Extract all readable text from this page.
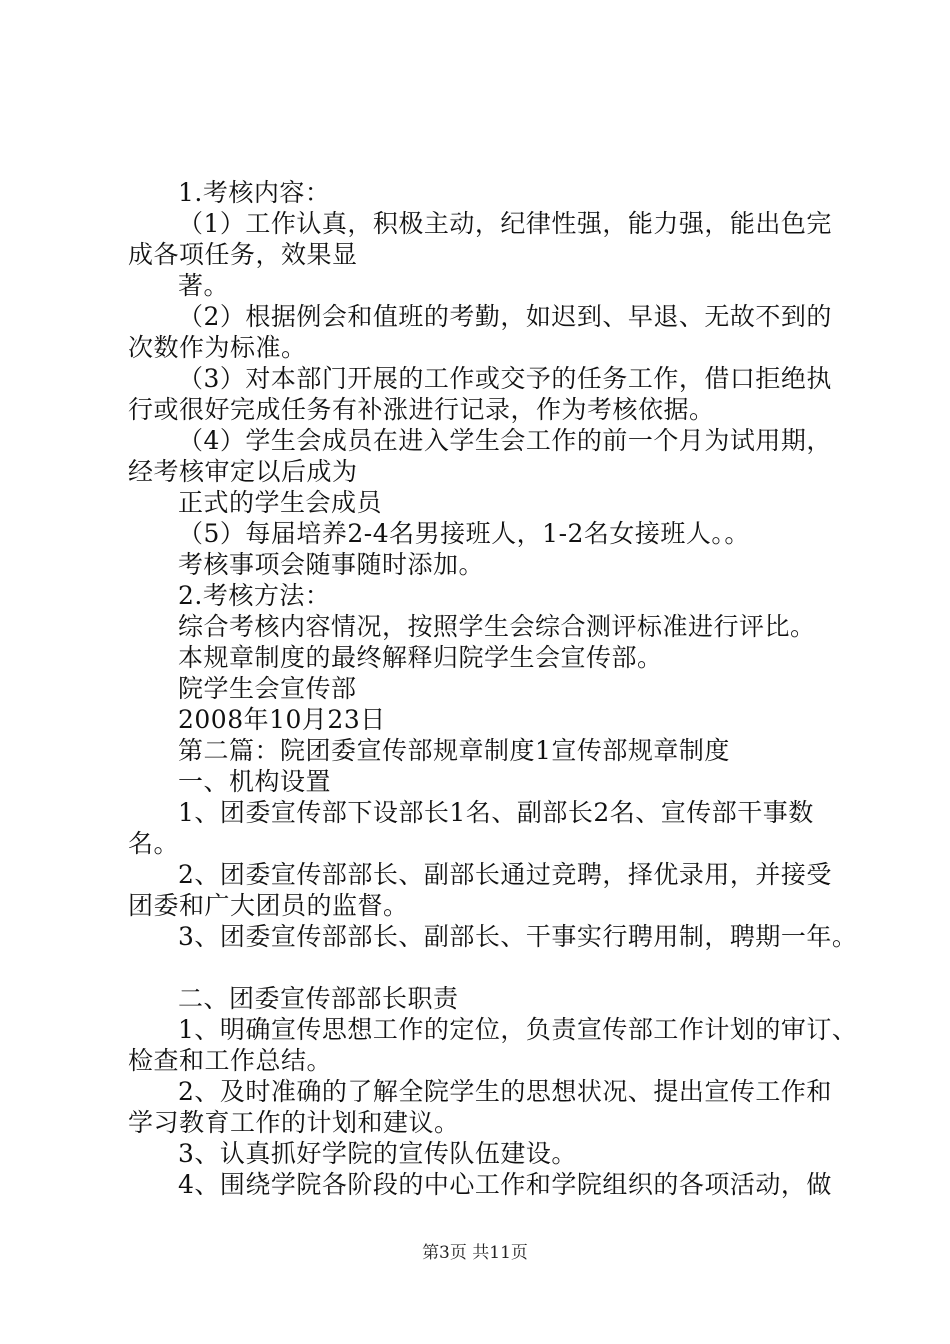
1.考核内容：
（1）工作认真，积极主动，纪律性强，能力强，能出色完
成各项任务，效果显
著。
（2）根据例会和值班的考勤，如迟到、早退、无故不到的
次数作为标准。
（3）对本部门开展的工作或交予的任务工作，借口拒绝执
行或很好完成任务有补涨进行记录，作为考核依据。
（4）学生会成员在进入学生会工作的前一个月为试用期，
经考核审定以后成为
正式的学生会成员
（5）每届培养2-4名男接班人，1-2名女接班人。。
考核事项会随事随时添加。
2.考核方法：
综合考核内容情况，按照学生会综合测评标准进行评比。
本规章制度的最终解释归院学生会宣传部。
院学生会宣传部
2008年10月23日
第二篇：院团委宣传部规章制度1宣传部规章制度
一、机构设置
1、团委宣传部下设部长1名、副部长2名、宣传部干事数
名。
2、团委宣传部部长、副部长通过竞聘，择优录用，并接受
团委和广大团员的监督。
3、团委宣传部部长、副部长、干事实行聘用制，聘期一年。
二、团委宣传部部长职责
1、明确宣传思想工作的定位，负责宣传部工作计划的审订、
检查和工作总结。
2、及时准确的了解全院学生的思想状况、提出宣传工作和
学习教育工作的计划和建议。
3、认真抓好学院的宣传队伍建设。
4、围绕学院各阶段的中心工作和学院组织的各项活动，做
第3页 共11页
